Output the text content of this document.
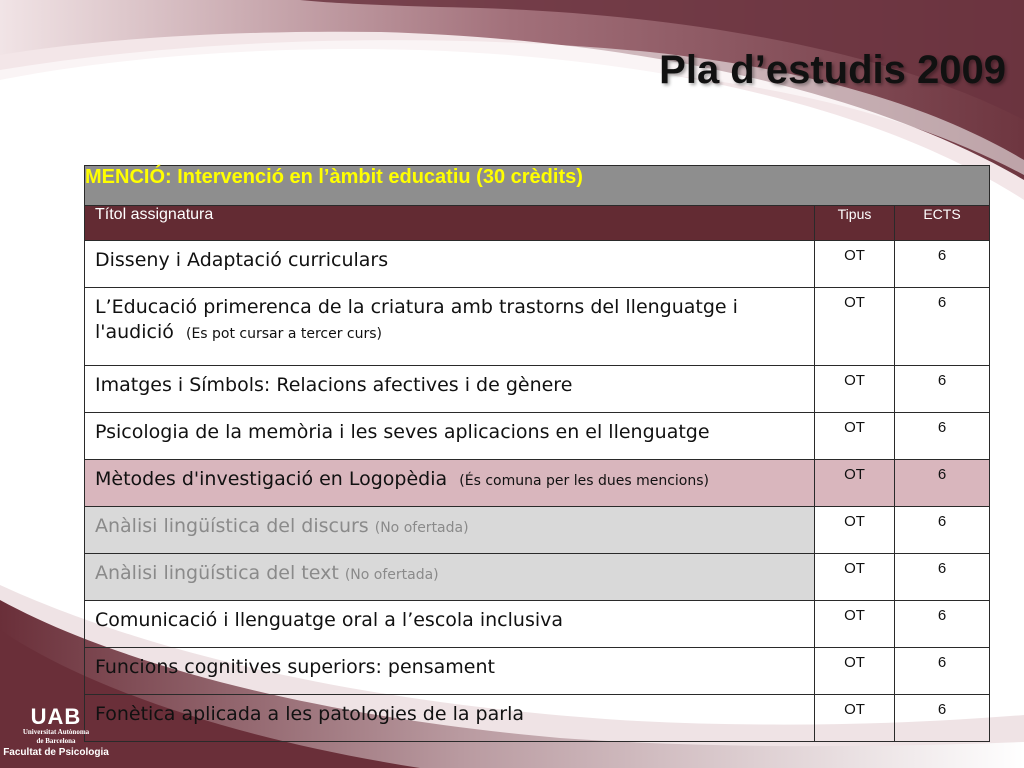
Pla d’estudis 2009
MENCIÓ: Intervenció en l’àmbit educatiu (30 crèdits)		
Títol assignatura	Tipus	ECTS
Disseny i Adaptació curriculars	OT	6
L’Educació primerenca de la criatura amb trastorns del llenguatge i l'audició (Es pot cursar a tercer curs)	OT	6
Imatges i Símbols: Relacions afectives i de gènere	OT	6
Psicologia de la memòria i les seves aplicacions en el llenguatge	OT	6
Mètodes d'investigació en Logopèdia (És comuna per les dues mencions)	OT	6
Anàlisi lingüística del discurs (No ofertada)	OT	6
Anàlisi lingüística del text (No ofertada)	OT	6
Comunicació i llenguatge oral a l’escola inclusiva	OT	6
Funcions cognitives superiors: pensament	OT	6
Fonètica aplicada a les patologies de la parla	OT	6
UAB
Universitat Autònoma
de Barcelona
Facultat de Psicologia
